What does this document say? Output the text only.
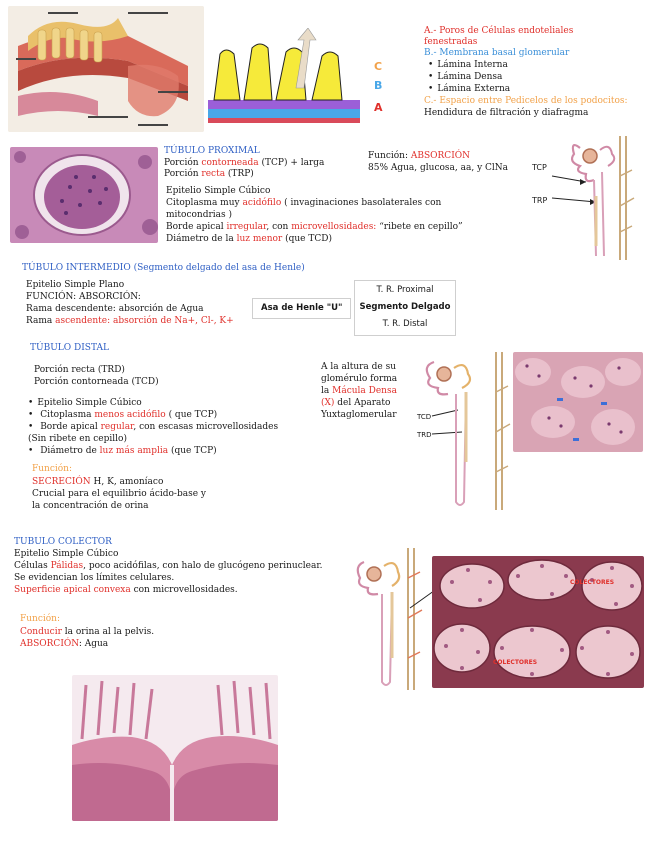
C
B
A
A.- Poros de Células endoteliales
fenestradas
B.- Membrana basal glomerular
• Lámina Interna
• Lámina Densa
• Lámina Externa
C.- Espacio entre Pedicelos de los podocitos:
Hendidura de filtración y diafragma
TÚBULO PROXIMAL
Porción contorneada (TCP) + larga
Porción recta (TRP)
Función: ABSORCIÓN
85% Agua, glucosa, aa, y ClNa
Epitelio Simple Cúbico
Citoplasma muy acidófilo ( invaginaciones basolaterales con
mitocondrias )
Borde apical irregular, con microvellosidades: “ribete en cepillo”
Diámetro de la luz menor (que TCD)
TCP
TRP
TÚBULO INTERMEDIO (Segmento delgado del asa de Henle)
Epitelio Simple Plano
FUNCIÓN: ABSORCIÓN:
Rama descendente: absorción de Agua
Rama ascendente: absorción de Na+, Cl-, K+
Asa de Henle "U"
T. R. Proximal
Segmento Delgado
T. R. Distal
TÚBULO DISTAL
Porción recta (TRD)
Porción contorneada (TCD)
• Epitelio Simple Cúbico
• Citoplasma menos acidófilo ( que TCP)
• Borde apical regular, con escasas microvellosidades
(Sin ribete en cepillo)
• Diámetro de luz más amplia (que TCP)
Función:
SECRECIÓN H, K, amoníaco
Crucial para el equilibrio ácido-base y
la concentración de orina
A la altura de su
glomérulo forma
la Mácula Densa
(X) del Aparato
Yuxtaglomerular	TCD
TRD
TUBULO COLECTOR
Epitelio Simple Cúbico
Células Pálidas, poco acidófilas, con halo de glucógeno perinuclear.
Se evidencian los límites celulares.
Superficie apical convexa con microvellosidades.
Función:
Conducir la orina al la pelvis.
ABSORCIÓN: Agua
COLECTORES
COLECTORES
